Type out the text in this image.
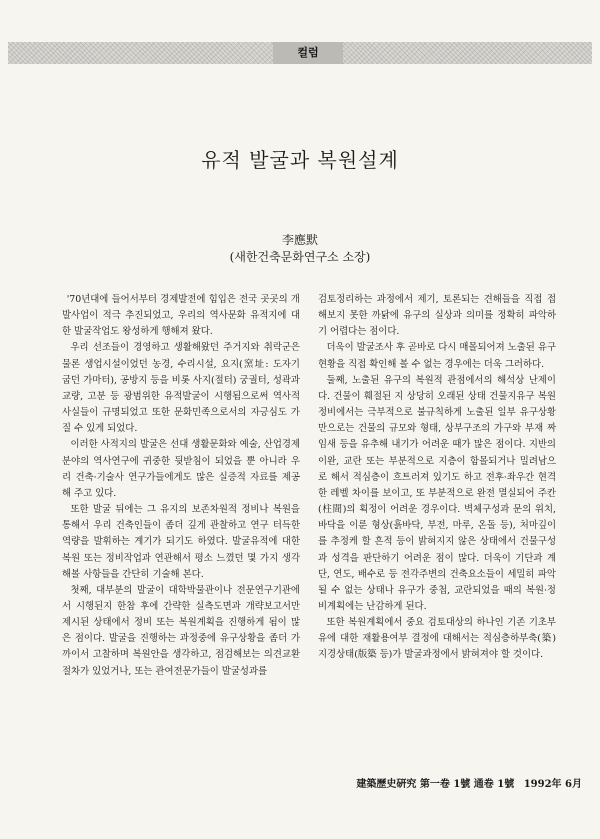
컬럼
유적 발굴과 복원설계
李應默
(새한건축문화연구소 소장)

'70년대에 들어서부터 경제발전에 힘입은 전국 곳곳의 개발사업이 적극 추진되었고, 우리의 역사문화 유적지에 대한 발굴작업도 왕성하게 행해져 왔다.

우리 선조들이 경영하고 생활해왔던 주거지와 취락군은 물론 생업시설이었던 농경, 수리시설, 요지(窯址: 도자기 굽던 가마터), 공방지 등을 비롯 사지(절터) 궁궐터, 성곽과 교량, 고분 등 광범위한 유적발굴이 시행됨으로써 역사적 사실들이 규명되었고 또한 문화민족으로서의 자긍심도 가질 수 있게 되었다.

이러한 사적지의 발굴은 선대 생활문화와 예술, 산업경제분야의 역사연구에 귀중한 뒷받침이 되었을 뿐 아니라 우리 건축·기술사 연구가들에게도 많은 실증적 자료를 제공해 주고 있다.

또한 발굴 뒤에는 그 유지의 보존차원적 정비나 복원을 통해서 우리 건축인들이 좀더 깊게 관찰하고 연구 터득한 역량을 발휘하는 계기가 되기도 하였다. 발굴유적에 대한 복원 또는 정비작업과 연관해서 평소 느꼈던 몇 가지 생각해볼 사항들을 간단히 기술해 본다.

첫째, 대부분의 발굴이 대학박물관이나 전문연구기관에서 시행된지 한참 후에 간략한 실측도면과 개략보고서만 제시된 상태에서 정비 또는 복원계획을 진행하게 됨이 많은 점이다. 발굴을 진행하는 과정중에 유구상황을 좀더 가까이서 고찰하며 복원안을 생각하고, 점검해보는 의견교환 절차가 있었거나, 또는 관여전문가들이 발굴성과를

검토정리하는 과정에서 제기, 토론되는 견해들을 직접 접해보지 못한 까닭에 유구의 실상과 의미를 정확히 파악하기 어렵다는 점이다.

더욱이 발굴조사 후 곧바로 다시 매몰되어져 노출된 유구현황을 직접 확인해 볼 수 없는 경우에는 더욱 그러하다.

둘째, 노출된 유구의 복원적 관점에서의 해석상 난제이다. 건물이 훼절된 지 상당히 오래된 상태 건물지유구 복원정비에서는 극부적으로 불규칙하게 노출된 일부 유구상황만으로는 건물의 규모와 형태, 상부구조의 가구와 부재 짜임새 등을 유추해 내기가 어려운 때가 많은 점이다. 지반의 이완, 교란 또는 부분적으로 지층이 함몰되거나 밀려남으로 해서 적심층이 흐트러져 있기도 하고 전후·좌우간 현격한 레벨 차이를 보이고, 또 부분적으로 완전 멸실되어 주칸(柱間)의 획정이 어려운 경우이다. 벽체구성과 문의 위치, 바닥을 이룬 형상(흙바닥, 부전, 마루, 온돌 등), 처마깊이를 추정케 할 흔적 등이 밝혀지지 않은 상태에서 건물구성과 성격을 판단하기 어려운 점이 많다. 더욱이 기단과 계단, 연도, 배수로 등 전각주변의 건축요소들이 세밀히 파악될 수 없는 상태나 유구가 중첩, 교란되었을 때의 복원·정비계획에는 난감하게 된다.

또한 복원계획에서 중요 검토대상의 하나인 기존 기초부유에 대한 재활용여부 결정에 대해서는 적심층하부축(築) 지경상태(版築 등)가 발굴과정에서 밝혀져야 할 것이다.

建築歷史硏究 第一卷 1號 通卷 1號 1992年 6月
